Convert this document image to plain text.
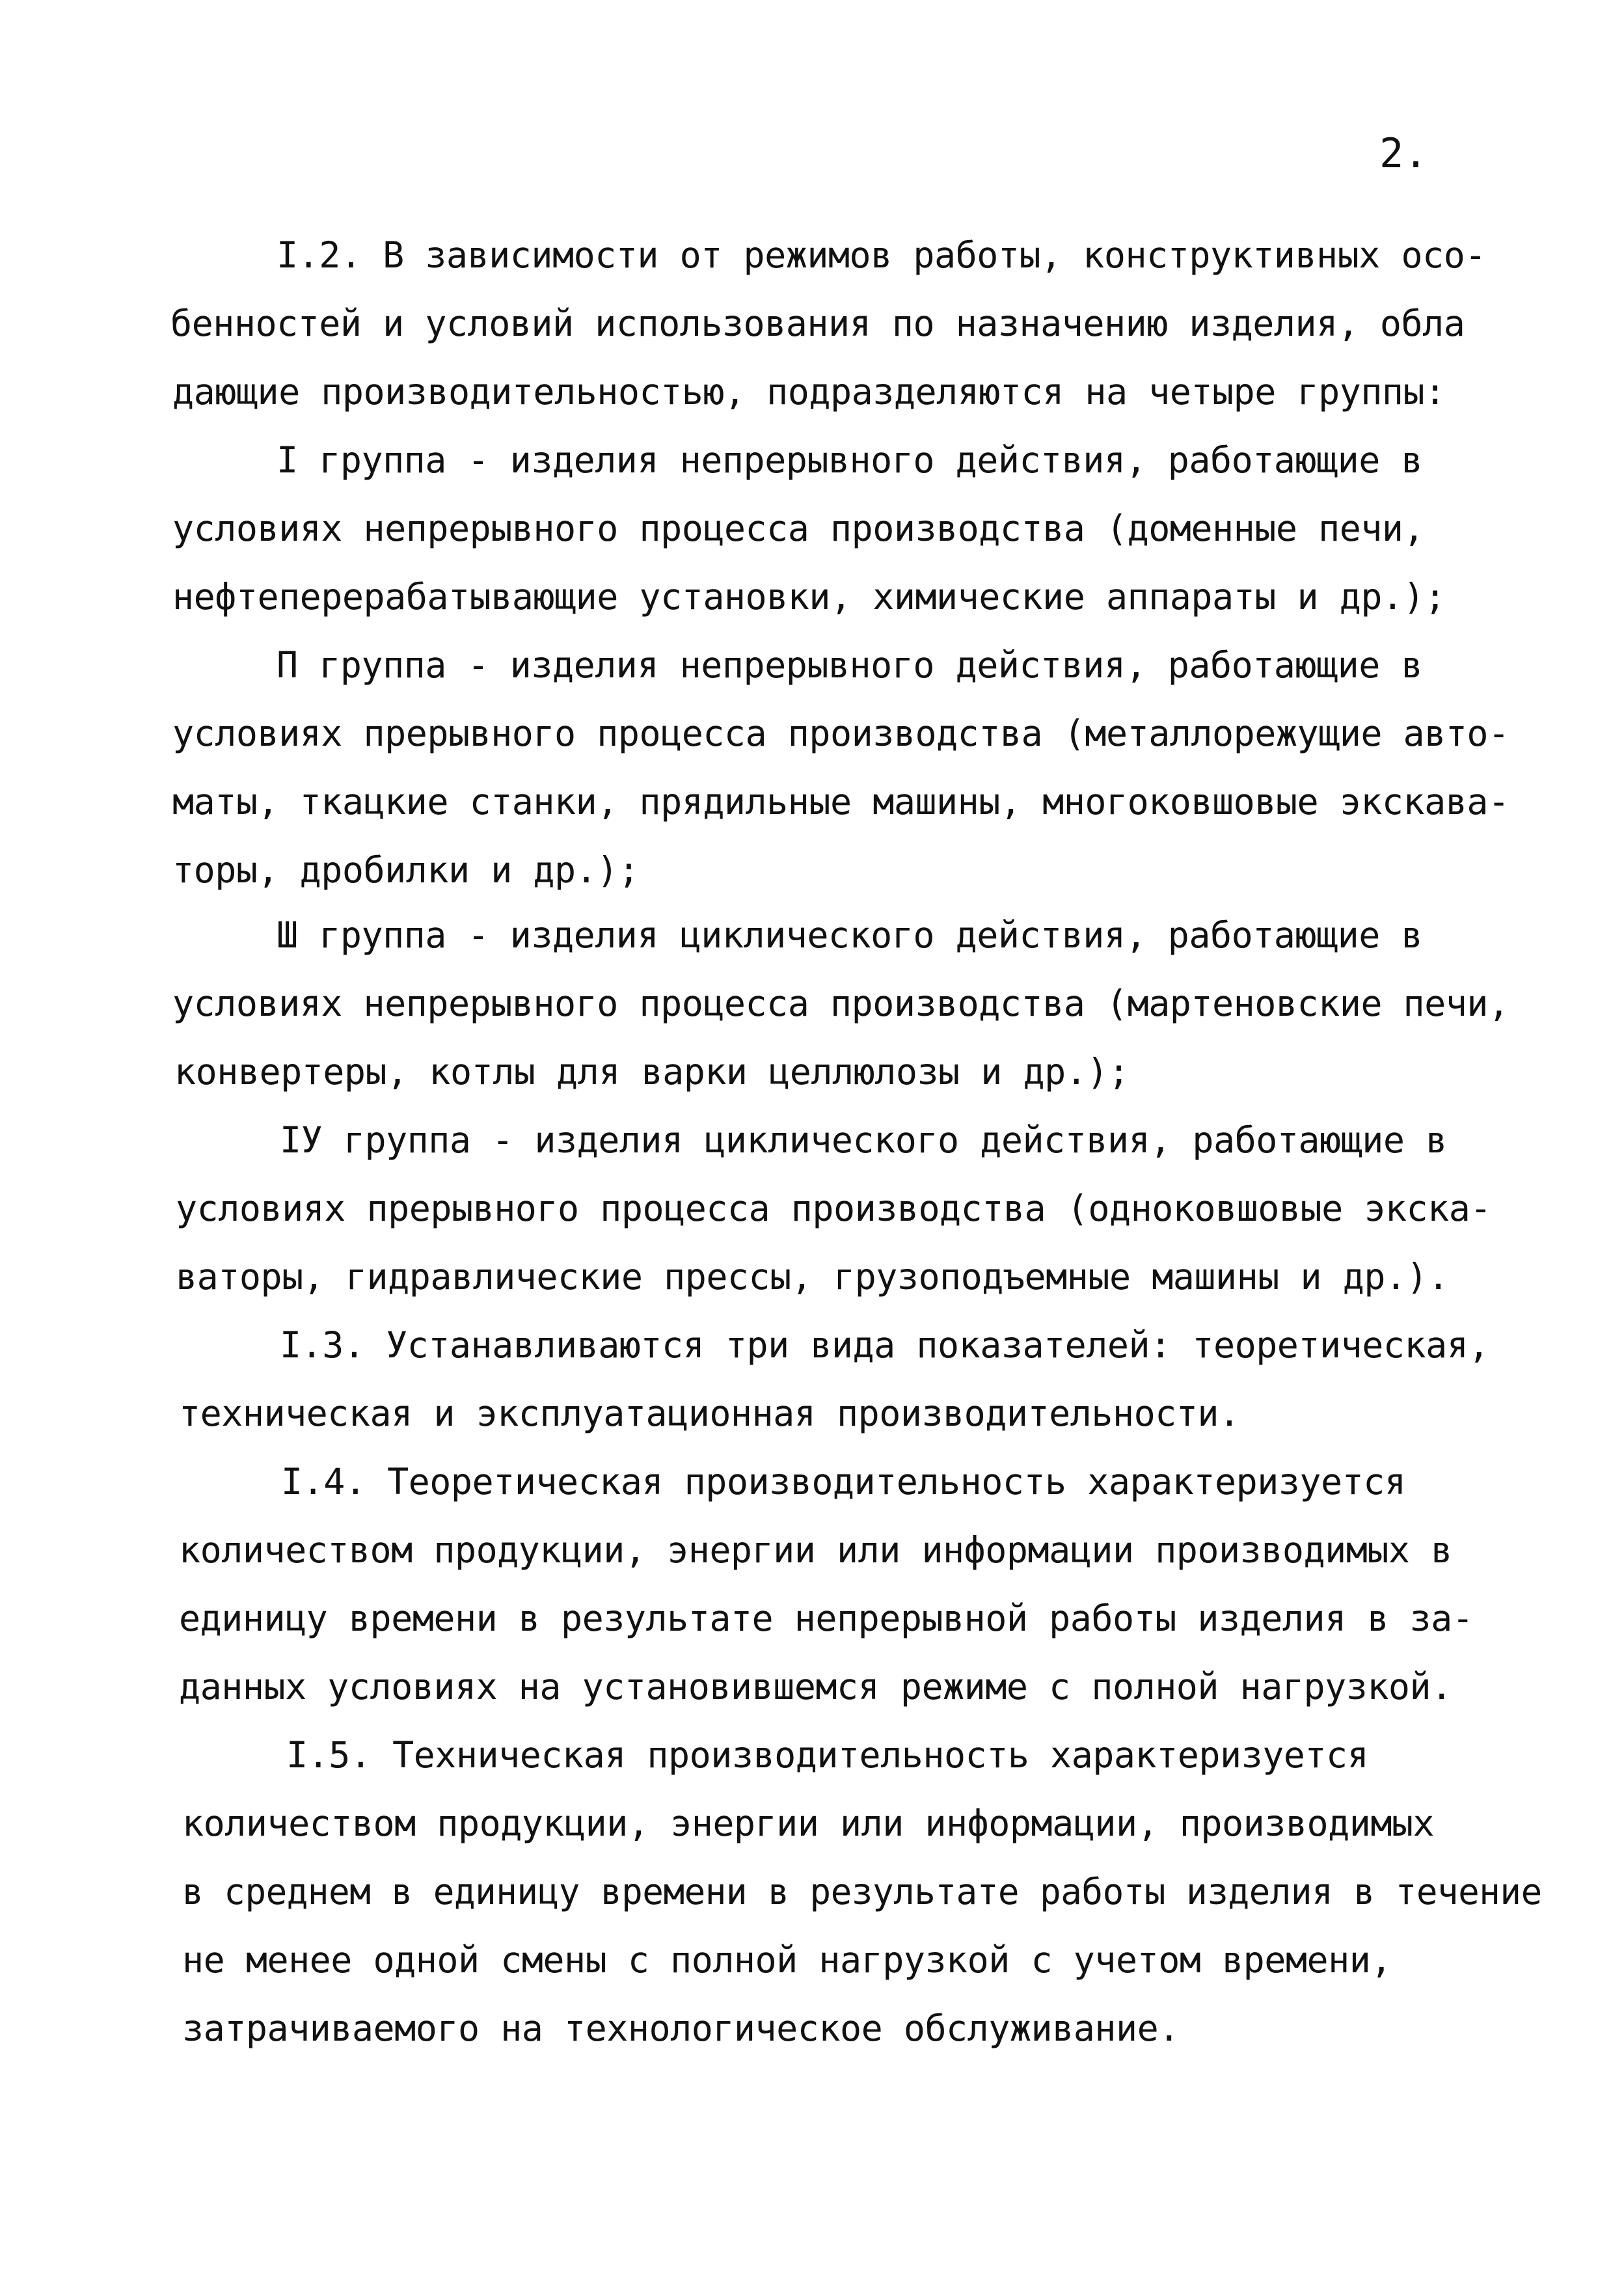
2.
I.2. В зависимости от режимов работы, конструктивных осо-
бенностей и условий использования по назначению изделия, обла
дающие производительностью, подразделяются на четыре группы:
I группа - изделия непрерывного действия, работающие в
условиях непрерывного процесса производства (доменные печи,
нефтеперерабатывающие установки, химические аппараты и др.);
П группа - изделия непрерывного действия, работающие в
условиях прерывного процесса производства (металлорежущие авто-
маты, ткацкие станки, прядильные машины, многоковшовые экскава-
торы, дробилки и др.);
Ш группа - изделия циклического действия, работающие в
условиях непрерывного процесса производства (мартеновские печи,
конвертеры, котлы для варки целлюлозы и др.);
IУ группа - изделия циклического действия, работающие в
условиях прерывного процесса производства (одноковшовые экска-
ваторы, гидравлические прессы, грузоподъемные машины и др.).
I.3. Устанавливаются три вида показателей: теоретическая,
техническая и эксплуатационная производительности.
I.4. Теоретическая производительность характеризуется
количеством продукции, энергии или информации производимых в
единицу времени в результате непрерывной работы изделия в за-
данных условиях на установившемся режиме с полной нагрузкой.
I.5. Техническая производительность характеризуется
количеством продукции, энергии или информации, производимых
в среднем в единицу времени в результате работы изделия в течение
не менее одной смены с полной нагрузкой с учетом времени,
затрачиваемого на технологическое обслуживание.
